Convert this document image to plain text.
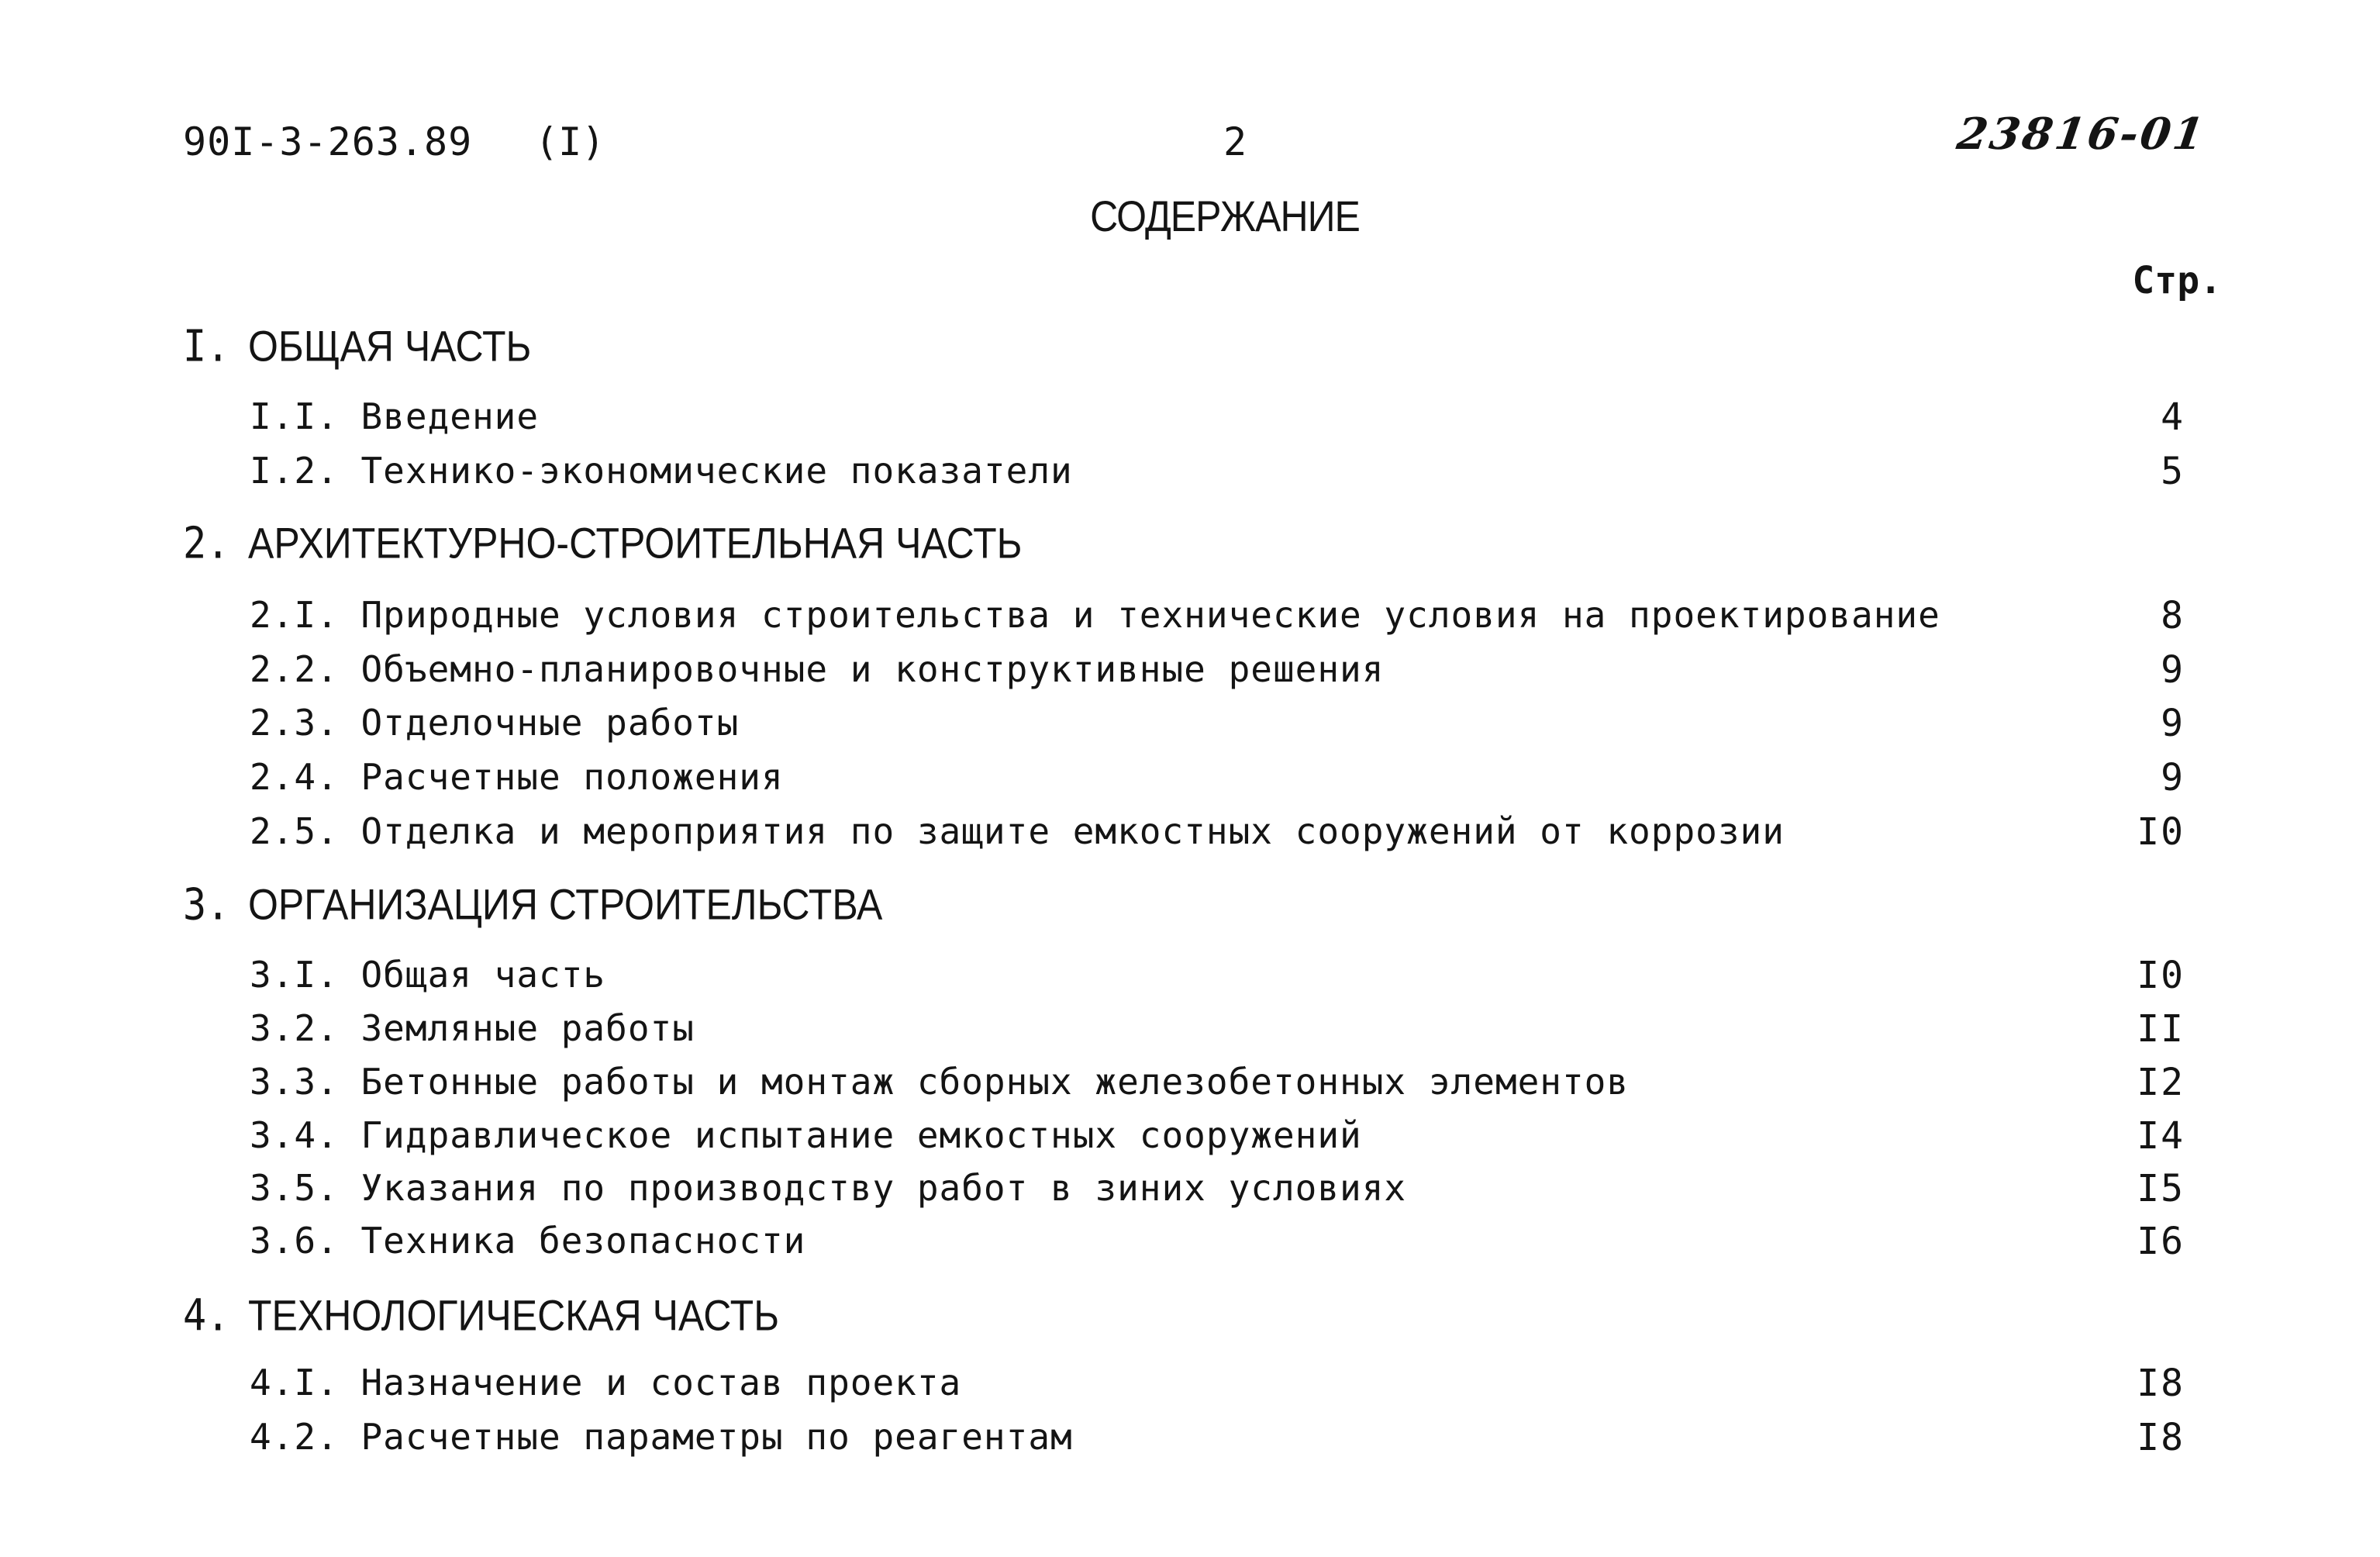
90I-3-263.89 (I)	2	23816-01
СОДЕРЖАНИЕ
Стр.
I. ОБЩАЯ ЧАСТЬ
I.I. Введение	4
I.2. Технико-экономические показатели	5
2. АРХИТЕКТУРНО-СТРОИТЕЛЬНАЯ ЧАСТЬ
2.I. Природные условия строительства и технические условия на проектирование	8
2.2. Объемно-планировочные и конструктивные решения	9
2.3. Отделочные работы	9
2.4. Расчетные положения	9
2.5. Отделка и мероприятия по защите емкостных сооружений от коррозии	I0
3. ОРГАНИЗАЦИЯ СТРОИТЕЛЬСТВА
3.I. Общая часть	I0
3.2. Земляные работы	II
3.3. Бетонные работы и монтаж сборных железобетонных элементов	I2
3.4. Гидравлическое испытание емкостных сооружений	I4
3.5. Указания по производству работ в зиних условиях	I5
3.6. Техника безопасности	I6
4. ТЕХНОЛОГИЧЕСКАЯ ЧАСТЬ
4.I. Назначение и состав проекта	I8
4.2. Расчетные параметры по реагентам	I8
